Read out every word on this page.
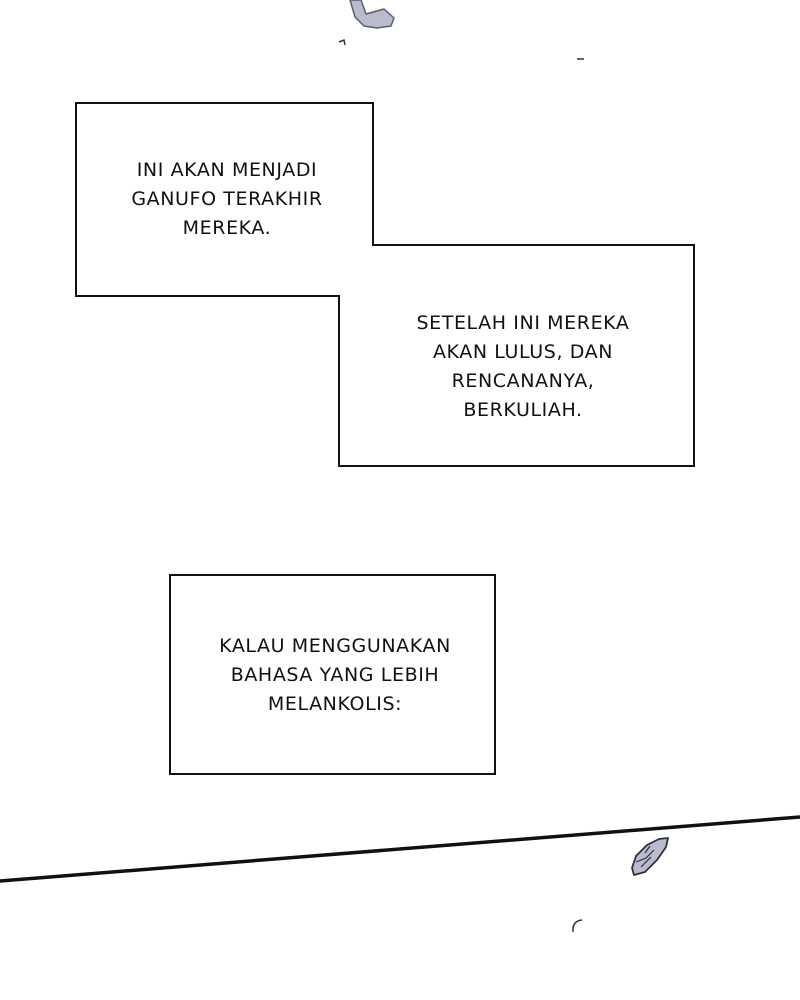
INI AKAN MENJADI
GANUFO TERAKHIR
MEREKA.

SETELAH INI MEREKA
AKAN LULUS, DAN
RENCANANYA,
BERKULIAH.

KALAU MENGGUNAKAN
BAHASA YANG LEBIH
MELANKOLIS:
